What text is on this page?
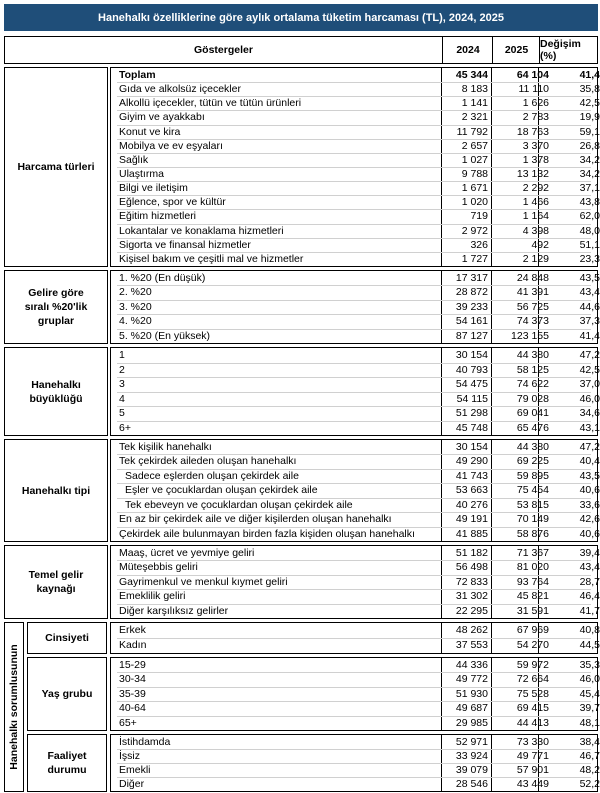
Hanehalkı özelliklerine göre aylık ortalama tüketim harcaması (TL), 2024, 2025
Göstergeler	2024	2025	Değişim (%)
Hanehalkı sorumlusunun
Harcama türleri
Toplam	45 344	64 104	41,4
Gıda ve alkolsüz içecekler	8 183	11 110	35,8
Alkollü içecekler, tütün ve tütün ürünleri	1 141	1 626	42,5
Giyim ve ayakkabı	2 321	2 783	19,9
Konut ve kira	11 792	18 763	59,1
Mobilya ve ev eşyaları	2 657	3 370	26,8
Sağlık	1 027	1 378	34,2
Ulaştırma	9 788	13 132	34,2
Bilgi ve iletişim	1 671	2 292	37,1
Eğlence, spor ve kültür	1 020	1 466	43,8
Eğitim hizmetleri	719	1 164	62,0
Lokantalar ve konaklama hizmetleri	2 972	4 398	48,0
Sigorta ve finansal hizmetler	326	492	51,1
Kişisel bakım ve çeşitli mal ve hizmetler	1 727	2 129	23,3
Gelire göre sıralı %20'lik gruplar
1. %20 (En düşük)	17 317	24 848	43,5
2. %20	28 872	41 391	43,4
3. %20	39 233	56 725	44,6
4. %20	54 161	74 373	37,3
5. %20 (En yüksek)	87 127	123 155	41,4
Hanehalkı büyüklüğü
1	30 154	44 380	47,2
2	40 793	58 125	42,5
3	54 475	74 622	37,0
4	54 115	79 028	46,0
5	51 298	69 041	34,6
6+	45 748	65 476	43,1
Hanehalkı tipi
Tek kişilik hanehalkı	30 154	44 380	47,2
Tek çekirdek aileden oluşan hanehalkı	49 290	69 225	40,4
Sadece eşlerden oluşan çekirdek aile	41 743	59 895	43,5
Eşler ve çocuklardan oluşan çekirdek aile	53 663	75 454	40,6
Tek ebeveyn ve çocuklardan oluşan çekirdek aile	40 276	53 815	33,6
En az bir çekirdek aile ve diğer kişilerden oluşan hanehalkı	49 191	70 149	42,6
Çekirdek aile bulunmayan birden fazla kişiden oluşan hanehalkı	41 885	58 876	40,6
Temel gelir kaynağı
Maaş, ücret ve yevmiye geliri	51 182	71 367	39,4
Müteşebbis geliri	56 498	81 020	43,4
Gayrimenkul ve menkul kıymet geliri	72 833	93 764	28,7
Emeklilik geliri	31 302	45 821	46,4
Diğer karşılıksız gelirler	22 295	31 591	41,7
Cinsiyeti
Erkek	48 262	67 969	40,8
Kadın	37 553	54 270	44,5
Yaş grubu
15-29	44 336	59 972	35,3
30-34	49 772	72 664	46,0
35-39	51 930	75 528	45,4
40-64	49 687	69 415	39,7
65+	29 985	44 413	48,1
Faaliyet durumu
İstihdamda	52 971	73 330	38,4
İşsiz	33 924	49 771	46,7
Emekli	39 079	57 901	48,2
Diğer	28 546	43 449	52,2
